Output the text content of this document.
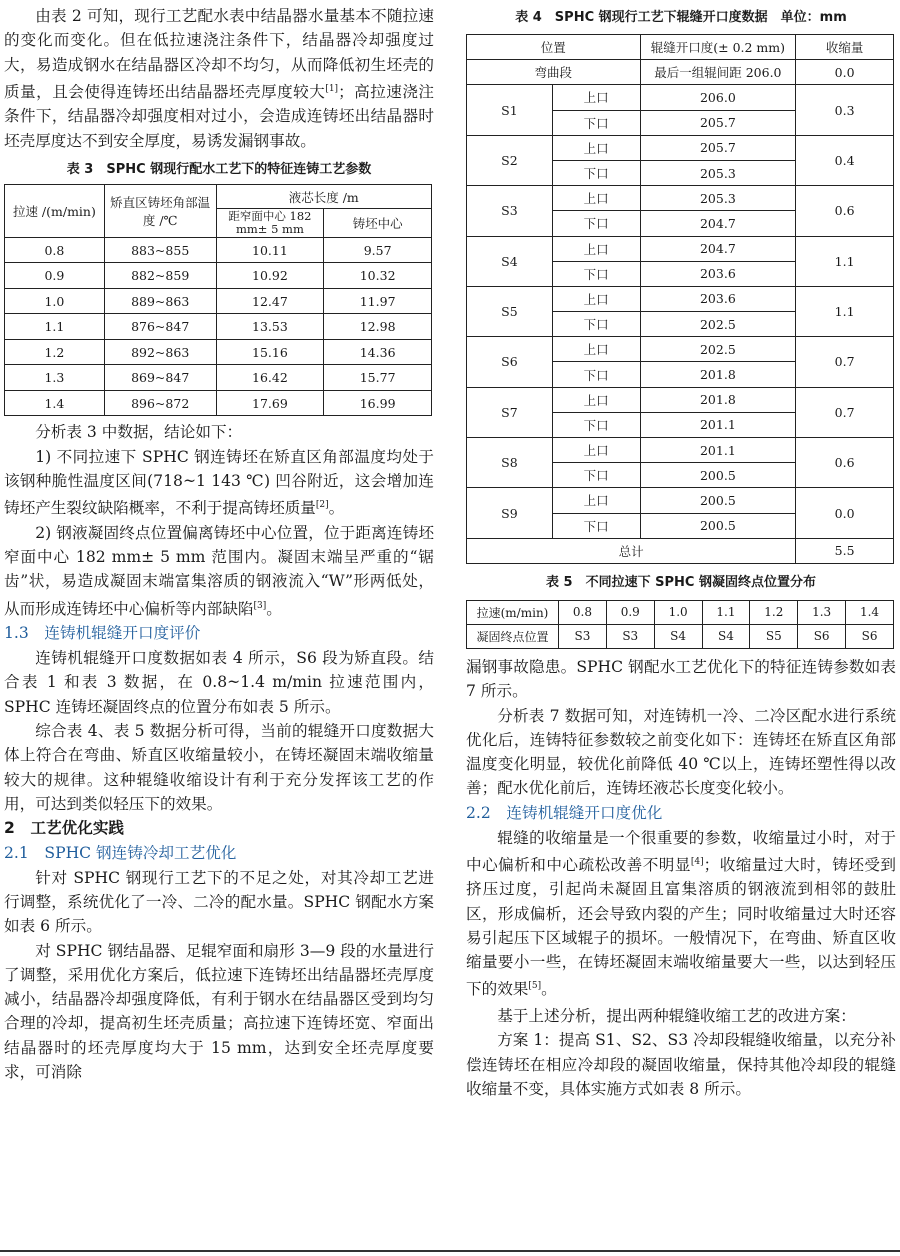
由表 2 可知，现行工艺配水表中结晶器水量基本不随拉速的变化而变化。但在低拉速浇注条件下，结晶器冷却强度过大，易造成钢水在结晶器区冷却不均匀，从而降低初生坯壳的质量，且会使得连铸坯出结晶器坯壳厚度较大[1]；高拉速浇注条件下，结晶器冷却强度相对过小，会造成连铸坯出结晶器时坯壳厚度达不到安全厚度，易诱发漏钢事故。

表 3　SPHC 钢现行配水工艺下的特征连铸工艺参数

拉速 /(m/min)	矫直区铸坯角部温度 /℃	液芯长度 /m	
		距窄面中心 182 mm± 5 mm	铸坯中心
0.8	883~855	10.11	9.57
0.9	882~859	10.92	10.32
1.0	889~863	12.47	11.97
1.1	876~847	13.53	12.98
1.2	892~863	15.16	14.36
1.3	869~847	16.42	15.77
1.4	896~872	17.69	16.99

分析表 3 中数据，结论如下：

1) 不同拉速下 SPHC 钢连铸坯在矫直区角部温度均处于该钢种脆性温度区间(718~1 143 ℃) 凹谷附近，这会增加连铸坯产生裂纹缺陷概率，不利于提高铸坯质量[2]。

2) 钢液凝固终点位置偏离铸坯中心位置，位于距离连铸坯窄面中心 182 mm± 5 mm 范围内。凝固末端呈严重的“锯齿”状，易造成凝固末端富集溶质的钢液流入“W”形两低处，从而形成连铸坯中心偏析等内部缺陷[3]。

1.3　连铸机辊缝开口度评价

连铸机辊缝开口度数据如表 4 所示，S6 段为矫直段。结合表 1 和表 3 数据，在 0.8~1.4 m/min 拉速范围内，SPHC 连铸坯凝固终点的位置分布如表 5 所示。

综合表 4、表 5 数据分析可得，当前的辊缝开口度数据大体上符合在弯曲、矫直区收缩量较小，在铸坯凝固末端收缩量较大的规律。这种辊缝收缩设计有利于充分发挥该工艺的作用，可达到类似轻压下的效果。

2　工艺优化实践

2.1　SPHC 钢连铸冷却工艺优化

针对 SPHC 钢现行工艺下的不足之处，对其冷却工艺进行调整，系统优化了一冷、二冷的配水量。SPHC 钢配水方案如表 6 所示。

对 SPHC 钢结晶器、足辊窄面和扇形 3—9 段的水量进行了调整，采用优化方案后，低拉速下连铸坯出结晶器坯壳厚度减小，结晶器冷却强度降低，有利于钢水在结晶器区受到均匀合理的冷却，提高初生坯壳质量；高拉速下连铸坯宽、窄面出结晶器时的坯壳厚度均大于 15 mm，达到安全坯壳厚度要求，可消除

表 4　SPHC 钢现行工艺下辊缝开口度数据　单位：mm

位置		辊缝开口度(± 0.2 mm)	收缩量
弯曲段		最后一组辊间距 206.0	0.0
S1	上口	206.0	0.3
	下口	205.7	
S2	上口	205.7	0.4
	下口	205.3	
S3	上口	205.3	0.6
	下口	204.7	
S4	上口	204.7	1.1
	下口	203.6	
S5	上口	203.6	1.1
	下口	202.5	
S6	上口	202.5	0.7
	下口	201.8	
S7	上口	201.8	0.7
	下口	201.1	
S8	上口	201.1	0.6
	下口	200.5	
S9	上口	200.5	0.0
	下口	200.5	
总计			5.5

表 5　不同拉速下 SPHC 钢凝固终点位置分布

拉速(m/min)	0.8	0.9	1.0	1.1	1.2	1.3	1.4
凝固终点位置	S3	S3	S4	S4	S5	S6	S6

漏钢事故隐患。SPHC 钢配水工艺优化下的特征连铸参数如表 7 所示。

分析表 7 数据可知，对连铸机一冷、二冷区配水进行系统优化后，连铸特征参数较之前变化如下：连铸坯在矫直区角部温度变化明显，较优化前降低 40 ℃以上，连铸坯塑性得以改善；配水优化前后，连铸坯液芯长度变化较小。

2.2　连铸机辊缝开口度优化

辊缝的收缩量是一个很重要的参数，收缩量过小时，对于中心偏析和中心疏松改善不明显[4]；收缩量过大时，铸坯受到挤压过度，引起尚未凝固且富集溶质的钢液流到相邻的鼓肚区，形成偏析，还会导致内裂的产生；同时收缩量过大时还容易引起压下区域辊子的损坏。一般情况下，在弯曲、矫直区收缩量要小一些，在铸坯凝固末端收缩量要大一些，以达到轻压下的效果[5]。

基于上述分析，提出两种辊缝收缩工艺的改进方案：

方案 1：提高 S1、S2、S3 冷却段辊缝收缩量，以充分补偿连铸坯在相应冷却段的凝固收缩量，保持其他冷却段的辊缝收缩量不变，具体实施方式如表 8 所示。
